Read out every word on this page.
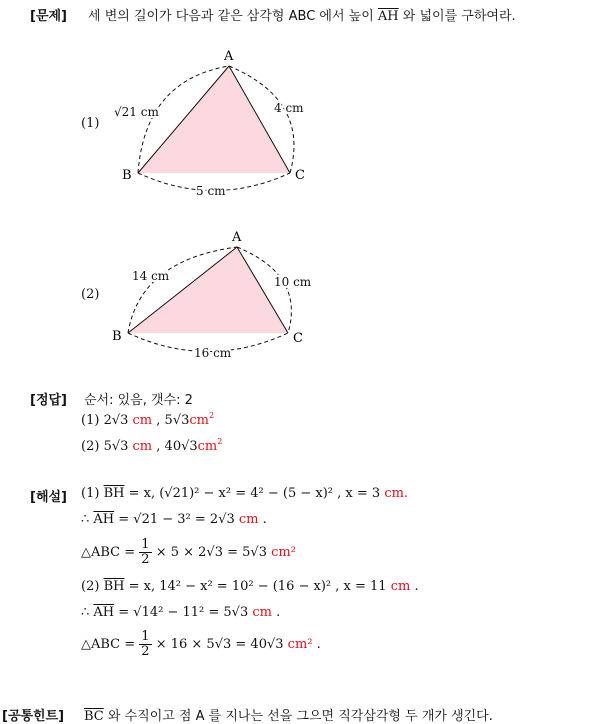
[문제] 세 변의 길이가 다음과 같은 삼각형 ABC 에서 높이 $\overline{AH}$ 와 넓이를 구하여라.
(1)
A
B	C
√21 cm	4 cm
5 cm
(2)
A
B	C
14 cm	10 cm
16 cm
[정답] 순서: 있음, 갯수: 2
(1) 2√3 cm , $5√3cm^2$
(2) 5√3 cm , $40√3cm^2$
[해설] (1) $\overline{BH} = x$, (√21)² − x² = 4² − (5 − x)² , x = 3 cm.
∴ $\overline{AH} = √21 - 3^2 = 2√3$ cm .
△ABC = $\frac{1}{2} \times 5 \times 2√3 = 5√3$ cm²
(2) $\overline{BH} = x$, 14² − x² = 10² − (16 − x)² , x = 11 cm .
∴ $\overline{AH} = √14^2 - 11^2 = 5√3$ cm .
△ABC = $\frac{1}{2} \times 16 \times 5√3 = 40√3$ cm² .
[공통힌트] $\overline{BC}$ 와 수직이고 점 A 를 지나는 선을 그으면 직각삼각형 두 개가 생긴다.
